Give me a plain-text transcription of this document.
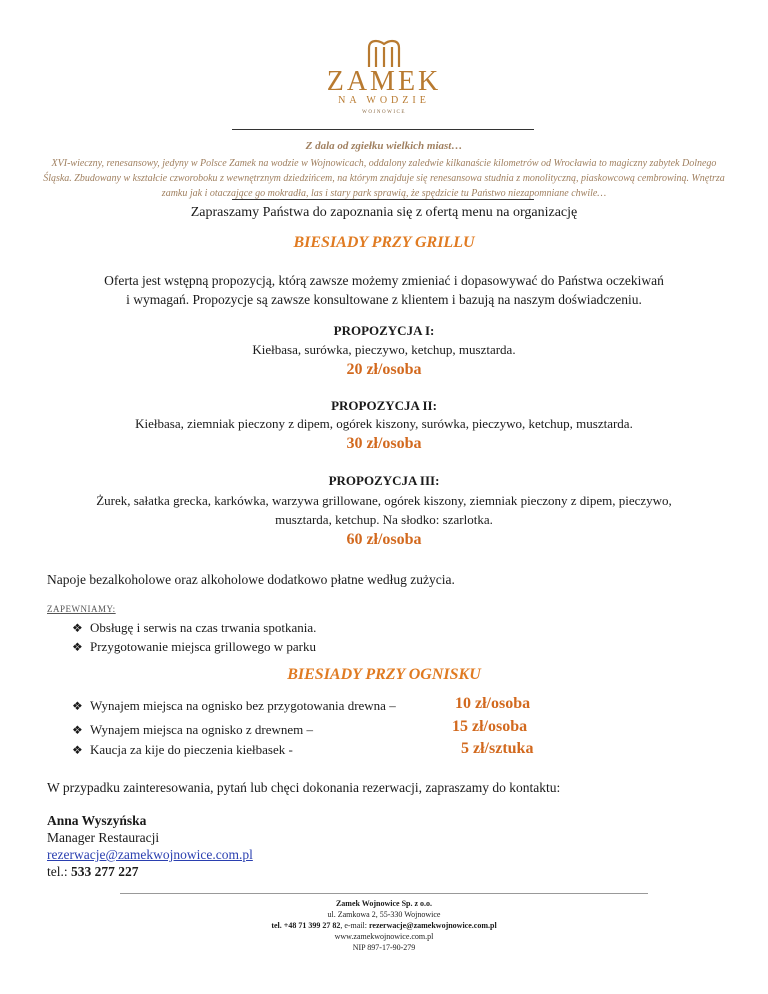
ZAMEK
NA WODZIE
WOJNOWICE
Z dala od zgiełku wielkich miast…
XVI-wieczny, renesansowy, jedyny w Polsce Zamek na wodzie w Wojnowicach, oddalony zaledwie kilkanaście kilometrów od Wrocławia to magiczny zabytek Dolnego Śląska. Zbudowany w kształcie czworoboku z wewnętrznym dziedzińcem, na którym znajduje się renesansowa studnia z monolityczną, piaskowcową cembrowiną. Wnętrza zamku jak i otaczające go mokradła, las i stary park sprawią, że spędzicie tu Państwo niezapomniane chwile…
Zapraszamy Państwa do zapoznania się z ofertą menu na organizację
BIESIADY PRZY GRILLU
Oferta jest wstępną propozycją, którą zawsze możemy zmieniać i dopasowywać do Państwa oczekiwań
i wymagań. Propozycje są zawsze konsultowane z klientem i bazują na naszym doświadczeniu.
PROPOZYCJA I:
Kiełbasa, surówka, pieczywo, ketchup, musztarda.
20 zł/osoba
PROPOZYCJA II:
Kiełbasa, ziemniak pieczony z dipem, ogórek kiszony, surówka, pieczywo, ketchup, musztarda.
30 zł/osoba
PROPOZYCJA III:
Żurek, sałatka grecka, karkówka, warzywa grillowane, ogórek kiszony, ziemniak pieczony z dipem, pieczywo,
musztarda, ketchup. Na słodko: szarlotka.
60 zł/osoba
Napoje bezalkoholowe oraz alkoholowe dodatkowo płatne według zużycia.
ZAPEWNIAMY:
❖ Obsługę i serwis na czas trwania spotkania.
❖ Przygotowanie miejsca grillowego w parku
BIESIADY PRZY OGNISKU
❖ Wynajem miejsca na ognisko bez przygotowania drewna –	10 zł/osoba
❖ Wynajem miejsca na ognisko z drewnem –	15 zł/osoba
❖ Kaucja za kije do pieczenia kiełbasek -	5 zł/sztuka
W przypadku zainteresowania, pytań lub chęci dokonania rezerwacji, zapraszamy do kontaktu:
Anna Wyszyńska
Manager Restauracji
rezerwacje@zamekwojnowice.com.pl
tel.: 533 277 227
Zamek Wojnowice Sp. z o.o.
ul. Zamkowa 2, 55-330 Wojnowice
tel. +48 71 399 27 82, e-mail: rezerwacje@zamekwojnowice.com.pl
www.zamekwojnowice.com.pl
NIP 897-17-90-279
